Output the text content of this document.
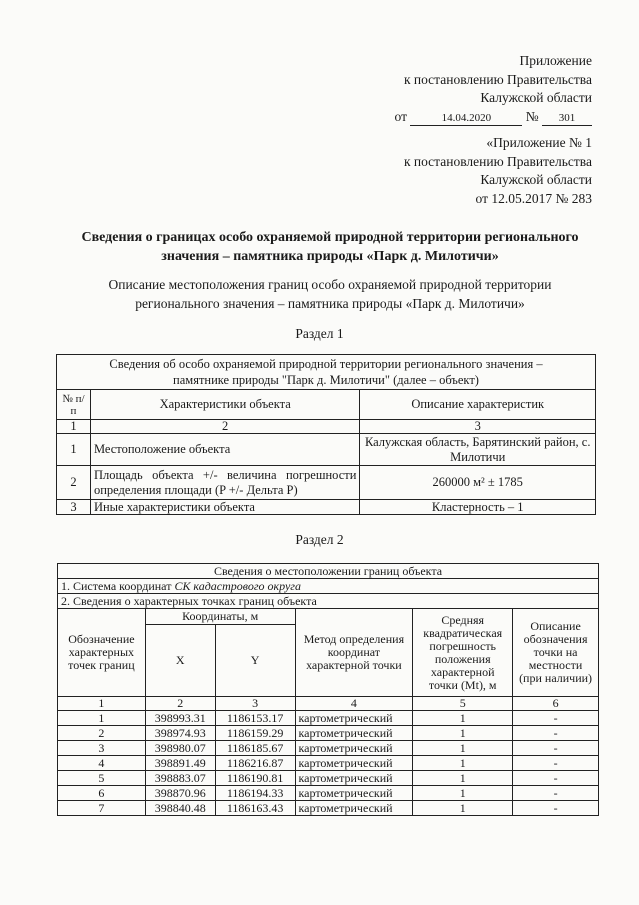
Приложение
к постановлению Правительства
Калужской области
от	14.04.2020	№ 301
«Приложение № 1
к постановлению Правительства
Калужской области
от 12.05.2017 № 283
Сведения о границах особо охраняемой природной территории регионального
значения – памятника природы «Парк д. Милотичи»
Описание местоположения границ особо охраняемой природной территории
регионального значения – памятника природы «Парк д. Милотичи»
Раздел 1
Сведения об особо охраняемой природной территории регионального значения –
памятнике природы "Парк д. Милотичи" (далее – объект)		

№ п/п	Характеристики объекта	Описание характеристик
1	2	3
1	Местоположение объекта	Калужская область, Барятинский район, с. Милотичи
2	Площадь объекта +/- величина погрешности определения площади (P +/- Дельта P)	260000 м² ± 1785
3	Иные характеристики объекта	Кластерность – 1
Раздел 2
Сведения о местоположении границ объекта					
1. Система координат СК кадастрового округа					
2. Сведения о характерных точках границ объекта					
Обозначение характерных точек границ	Координаты, м		Метод определения координат характерной точки	Средняя квадратическая погрешность положения характерной точки (Mt), м	Описание обозначения точки на местности (при наличии)
	X	Y			
1	2	3	4	5	6
1	398993.31	1186153.17	картометрический	1	-
2	398974.93	1186159.29	картометрический	1	-
3	398980.07	1186185.67	картометрический	1	-
4	398891.49	1186216.87	картометрический	1	-
5	398883.07	1186190.81	картометрический	1	-
6	398870.96	1186194.33	картометрический	1	-
7	398840.48	1186163.43	картометрический	1	-
